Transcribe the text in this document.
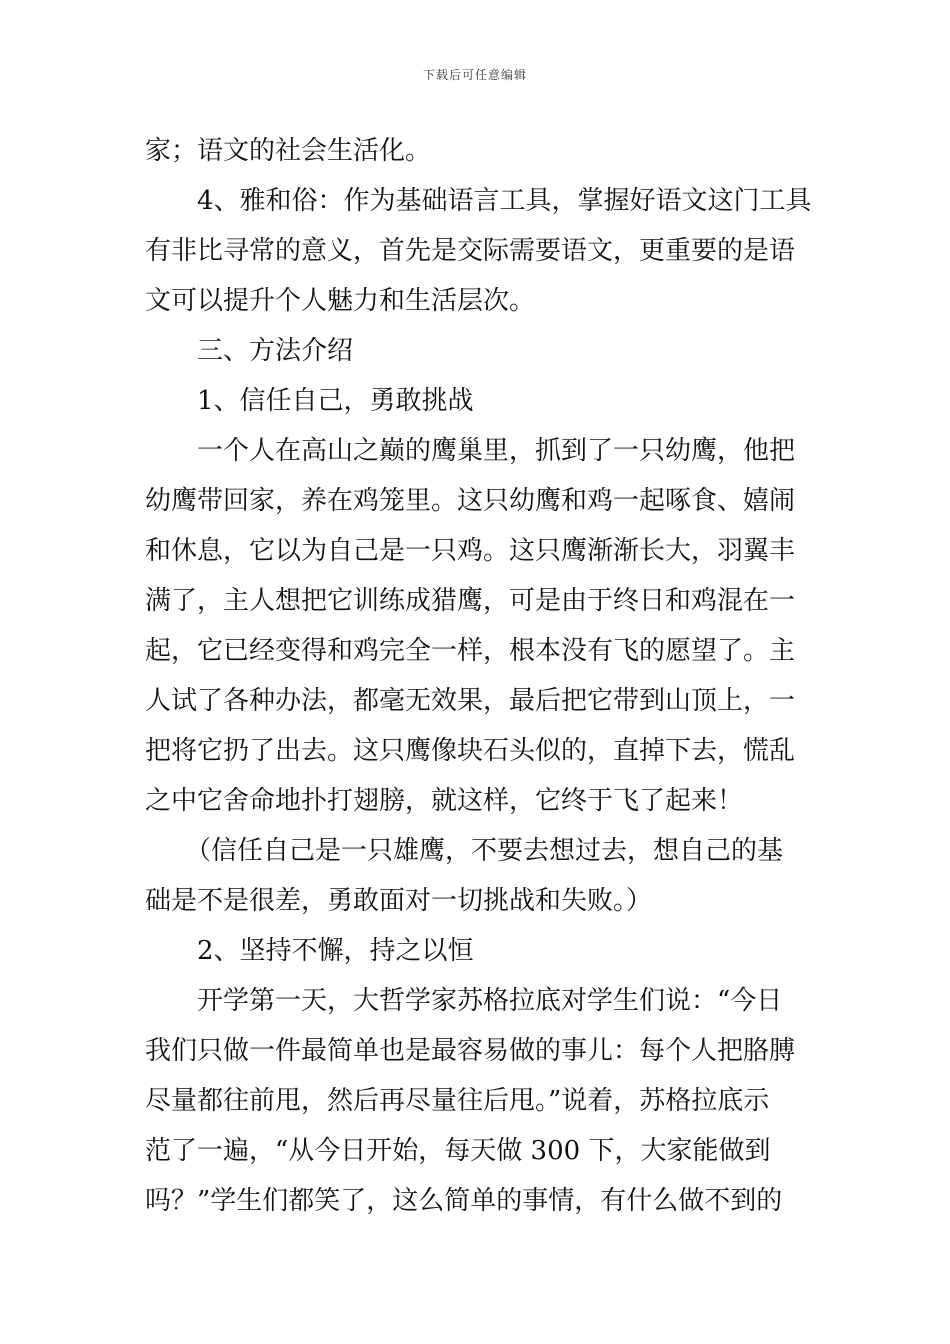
下载后可任意编辑
家；语文的社会生活化。
4、雅和俗：作为基础语言工具，掌握好语文这门工具
有非比寻常的意义，首先是交际需要语文，更重要的是语
文可以提升个人魅力和生活层次。
三、方法介绍
1、信任自己，勇敢挑战
一个人在高山之巅的鹰巢里，抓到了一只幼鹰，他把
幼鹰带回家，养在鸡笼里。这只幼鹰和鸡一起啄食、嬉闹
和休息，它以为自己是一只鸡。这只鹰渐渐长大，羽翼丰
满了，主人想把它训练成猎鹰，可是由于终日和鸡混在一
起，它已经变得和鸡完全一样，根本没有飞的愿望了。主
人试了各种办法，都毫无效果，最后把它带到山顶上，一
把将它扔了出去。这只鹰像块石头似的，直掉下去，慌乱
之中它舍命地扑打翅膀，就这样，它终于飞了起来！
（信任自己是一只雄鹰，不要去想过去，想自己的基
础是不是很差，勇敢面对一切挑战和失败。）
2、坚持不懈，持之以恒
开学第一天，大哲学家苏格拉底对学生们说：“今日
我们只做一件最简单也是最容易做的事儿：每个人把胳膊
尽量都往前甩，然后再尽量往后甩。”说着，苏格拉底示
范了一遍，“从今日开始，每天做 300 下，大家能做到
吗？”学生们都笑了，这么简单的事情，有什么做不到的
